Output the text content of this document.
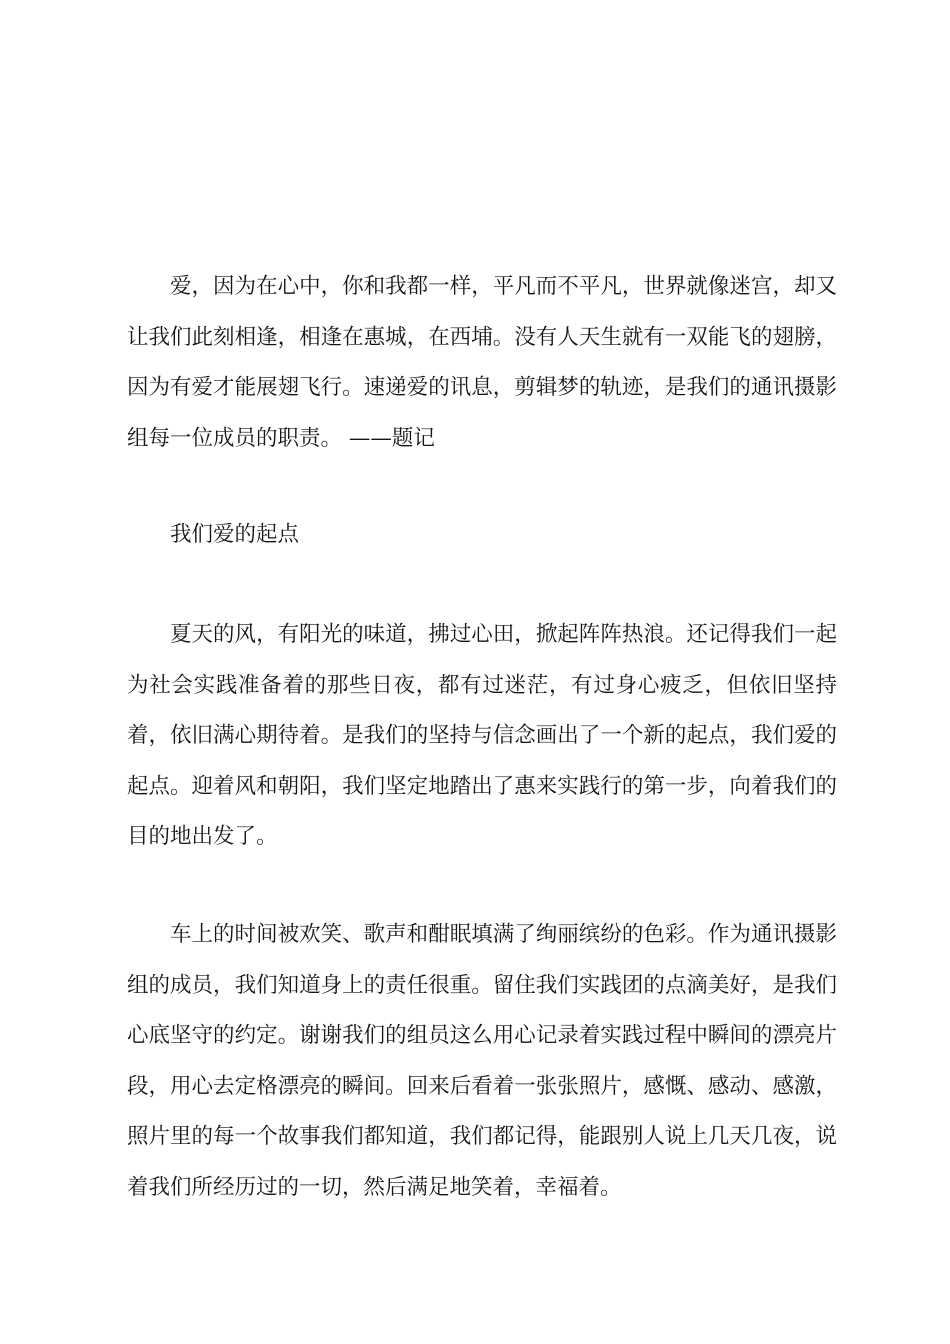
爱，因为在心中，你和我都一样，平凡而不平凡，世界就像迷宫，却又让我们此刻相逢，相逢在惠城，在西埔。没有人天生就有一双能飞的翅膀，因为有爱才能展翅飞行。速递爱的讯息，剪辑梦的轨迹，是我们的通讯摄影组每一位成员的职责。 ——题记

我们爱的起点

夏天的风，有阳光的味道，拂过心田，掀起阵阵热浪。还记得我们一起为社会实践准备着的那些日夜，都有过迷茫，有过身心疲乏，但依旧坚持着，依旧满心期待着。是我们的坚持与信念画出了一个新的起点，我们爱的起点。迎着风和朝阳，我们坚定地踏出了惠来实践行的第一步，向着我们的目的地出发了。

车上的时间被欢笑、歌声和酣眠填满了绚丽缤纷的色彩。作为通讯摄影组的成员，我们知道身上的责任很重。留住我们实践团的点滴美好，是我们心底坚守的约定。谢谢我们的组员这么用心记录着实践过程中瞬间的漂亮片段，用心去定格漂亮的瞬间。回来后看着一张张照片，感慨、感动、感激，照片里的每一个故事我们都知道，我们都记得，能跟别人说上几天几夜，说着我们所经历过的一切，然后满足地笑着，幸福着。
